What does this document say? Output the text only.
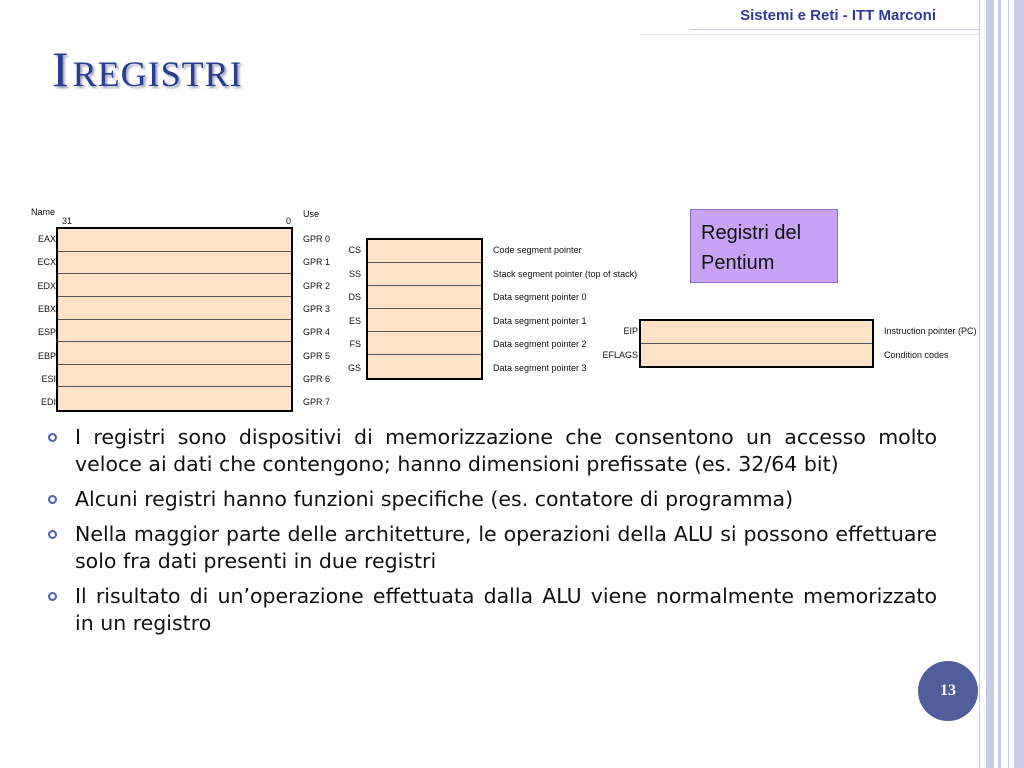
Sistemi e Reti - ITT Marconi
I REGISTRI
Name
31	0
Use
EAX
ECX
EDX
EBX
ESP
EBP
ESI
EDI
GPR 0
GPR 1
GPR 2
GPR 3
GPR 4
GPR 5
GPR 6
GPR 7
CS
SS
DS
ES
FS
GS
Code segment pointer
Stack segment pointer (top of stack)
Data segment pointer 0
Data segment pointer 1
Data segment pointer 2
Data segment pointer 3
EIP
EFLAGS
Instruction pointer (PC)
Condition codes
Registri del
Pentium
I registri sono dispositivi di memorizzazione che consentono un accesso molto veloce ai dati che contengono; hanno dimensioni prefissate (es. 32/64 bit)
Alcuni registri hanno funzioni specifiche (es. contatore di programma)
Nella maggior parte delle architetture, le operazioni della ALU si possono effettuare solo fra dati presenti in due registri
Il risultato di un’operazione effettuata dalla ALU viene normalmente memorizzato in un registro
13
